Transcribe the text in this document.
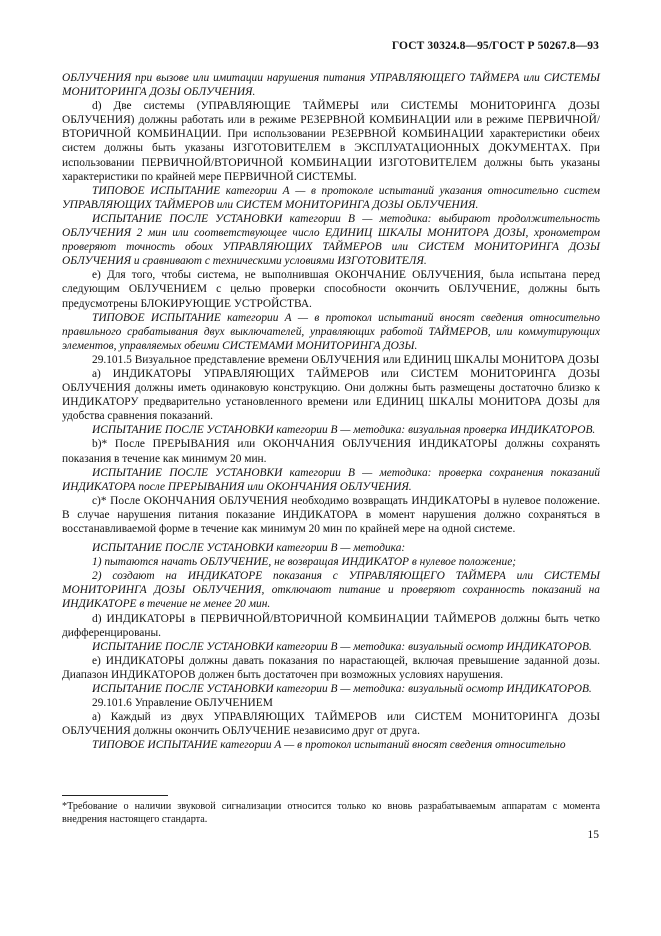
ГОСТ 30324.8—95/ГОСТ Р 50267.8—93

ОБЛУЧЕНИЯ при вызове или имитации нарушения питания УПРАВЛЯЮЩЕГО ТАЙМЕРА или СИСТЕМЫ МОНИТОРИНГА ДОЗЫ ОБЛУЧЕНИЯ.

d) Две системы (УПРАВЛЯЮЩИЕ ТАЙМЕРЫ или СИСТЕМЫ МОНИТОРИНГА ДОЗЫ ОБЛУЧЕНИЯ) должны работать или в режиме РЕЗЕРВНОЙ КОМБИНАЦИИ или в режиме ПЕРВИЧНОЙ/ВТОРИЧНОЙ КОМБИНАЦИИ. При использовании РЕЗЕРВНОЙ КОМБИНАЦИИ характеристики обеих систем должны быть указаны ИЗГОТОВИТЕЛЕМ в ЭКСПЛУАТАЦИОННЫХ ДОКУМЕНТАХ. При использовании ПЕРВИЧНОЙ/ВТОРИЧНОЙ КОМБИНАЦИИ ИЗГОТОВИТЕЛЕМ должны быть указаны характеристики по крайней мере ПЕРВИЧНОЙ СИСТЕМЫ.

ТИПОВОЕ ИСПЫТАНИЕ категории А — в протоколе испытаний указания относительно систем УПРАВЛЯЮЩИХ ТАЙМЕРОВ или СИСТЕМ МОНИТОРИНГА ДОЗЫ ОБЛУЧЕНИЯ.

ИСПЫТАНИЕ ПОСЛЕ УСТАНОВКИ категории В — методика: выбирают продолжительность ОБЛУЧЕНИЯ 2 мин или соответствующее число ЕДИНИЦ ШКАЛЫ МОНИТОРА ДОЗЫ, хронометром проверяют точность обоих УПРАВЛЯЮЩИХ ТАЙМЕРОВ или СИСТЕМ МОНИТОРИНГА ДОЗЫ ОБЛУЧЕНИЯ и сравнивают с техническими условиями ИЗГОТОВИТЕЛЯ.

е) Для того, чтобы система, не выполнившая ОКОНЧАНИЕ ОБЛУЧЕНИЯ, была испытана перед следующим ОБЛУЧЕНИЕМ с целью проверки способности окончить ОБЛУЧЕНИЕ, должны быть предусмотрены БЛОКИРУЮЩИЕ УСТРОЙСТВА.

ТИПОВОЕ ИСПЫТАНИЕ категории А — в протокол испытаний вносят сведения относительно правильного срабатывания двух выключателей, управляющих работой ТАЙМЕРОВ, или коммутирующих элементов, управляемых обеими СИСТЕМАМИ МОНИТОРИНГА ДОЗЫ.

29.101.5 Визуальное представление времени ОБЛУЧЕНИЯ или ЕДИНИЦ ШКАЛЫ МОНИТОРА ДОЗЫ

а) ИНДИКАТОРЫ УПРАВЛЯЮЩИХ ТАЙМЕРОВ или СИСТЕМ МОНИТОРИНГА ДОЗЫ ОБЛУЧЕНИЯ должны иметь одинаковую конструкцию. Они должны быть размещены достаточно близко к ИНДИКАТОРУ предварительно установленного времени или ЕДИНИЦ ШКАЛЫ МОНИТОРА ДОЗЫ для удобства сравнения показаний.

ИСПЫТАНИЕ ПОСЛЕ УСТАНОВКИ категории В — методика: визуальная проверка ИНДИКАТОРОВ.

b)* После ПРЕРЫВАНИЯ или ОКОНЧАНИЯ ОБЛУЧЕНИЯ ИНДИКАТОРЫ должны сохранять показания в течение как минимум 20 мин.

ИСПЫТАНИЕ ПОСЛЕ УСТАНОВКИ категории В — методика: проверка сохранения показаний ИНДИКАТОРА после ПРЕРЫВАНИЯ или ОКОНЧАНИЯ ОБЛУЧЕНИЯ.

с)* После ОКОНЧАНИЯ ОБЛУЧЕНИЯ необходимо возвращать ИНДИКАТОРЫ в нулевое положение. В случае нарушения питания показание ИНДИКАТОРА в момент нарушения должно сохраняться в восстанавливаемой форме в течение как минимум 20 мин по крайней мере на одной системе.

ИСПЫТАНИЕ ПОСЛЕ УСТАНОВКИ категории В — методика:

1) пытаются начать ОБЛУЧЕНИЕ, не возвращая ИНДИКАТОР в нулевое положение;

2) создают на ИНДИКАТОРЕ показания с УПРАВЛЯЮЩЕГО ТАЙМЕРА или СИСТЕМЫ МОНИТОРИНГА ДОЗЫ ОБЛУЧЕНИЯ, отключают питание и проверяют сохранность показаний на ИНДИКАТОРЕ в течение не менее 20 мин.

d) ИНДИКАТОРЫ в ПЕРВИЧНОЙ/ВТОРИЧНОЙ КОМБИНАЦИИ ТАЙМЕРОВ должны быть четко дифференцированы.

ИСПЫТАНИЕ ПОСЛЕ УСТАНОВКИ категории В — методика: визуальный осмотр ИНДИКАТОРОВ.

е) ИНДИКАТОРЫ должны давать показания по нарастающей, включая превышение заданной дозы. Диапазон ИНДИКАТОРОВ должен быть достаточен при возможных условиях нарушения.

ИСПЫТАНИЕ ПОСЛЕ УСТАНОВКИ категории В — методика: визуальный осмотр ИНДИКАТОРОВ.

29.101.6 Управление ОБЛУЧЕНИЕМ

а) Каждый из двух УПРАВЛЯЮЩИХ ТАЙМЕРОВ или СИСТЕМ МОНИТОРИНГА ДОЗЫ ОБЛУЧЕНИЯ должны окончить ОБЛУЧЕНИЕ независимо друг от друга.

ТИПОВОЕ ИСПЫТАНИЕ категории А — в протокол испытаний вносят сведения относительно

*Требование о наличии звуковой сигнализации относится только ко вновь разрабатываемым аппаратам с момента внедрения настоящего стандарта.
15
